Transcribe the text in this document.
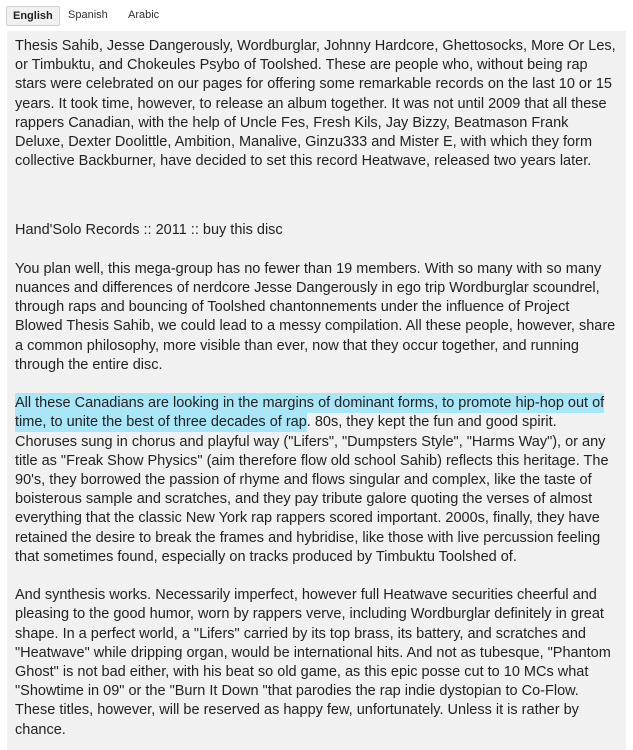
English	Spanish	Arabic

Thesis Sahib, Jesse Dangerously, Wordburglar, Johnny Hardcore, Ghettosocks, More Or Les, or Timbuktu, and Chokeules Psybo of Toolshed. These are people who, without being rap stars were celebrated on our pages for offering some remarkable records on the last 10 or 15 years. It took time, however, to release an album together. It was not until 2009 that all these rappers Canadian, with the help of Uncle Fes, Fresh Kils, Jay Bizzy, Beatmason Frank Deluxe, Dexter Doolittle, Ambition, Manalive, Ginzu333 and Mister E, with which they form collective Backburner, have decided to set this record Heatwave, released two years later.

Hand'Solo Records :: 2011 :: buy this disc

You plan well, this mega-group has no fewer than 19 members. With so many with so many nuances and differences of nerdcore Jesse Dangerously in ego trip Wordburglar scoundrel, through raps and bouncing of Toolshed chantonnements under the influence of Project Blowed Thesis Sahib, we could lead to a messy compilation. All these people, however, share a common philosophy, more visible than ever, now that they occur together, and running through the entire disc.

All these Canadians are looking in the margins of dominant forms, to promote hip-hop out of time, to unite the best of three decades of rap. 80s, they kept the fun and good spirit. Choruses sung in chorus and playful way ("Lifers", "Dumpsters Style", "Harms Way"), or any title as "Freak Show Physics" (aim therefore flow old school Sahib) reflects this heritage. The 90's, they borrowed the passion of rhyme and flows singular and complex, like the taste of boisterous sample and scratches, and they pay tribute galore quoting the verses of almost everything that the classic New York rap rappers scored important. 2000s, finally, they have retained the desire to break the frames and hybridise, like those with live percussion feeling that sometimes found, especially on tracks produced by Timbuktu Toolshed of.

And synthesis works. Necessarily imperfect, however full Heatwave securities cheerful and pleasing to the good humor, worn by rappers verve, including Wordburglar definitely in great shape. In a perfect world, a "Lifers" carried by its top brass, its battery, and scratches and "Heatwave" while dripping organ, would be international hits. And not as tubesque, "Phantom Ghost" is not bad either, with his beat so old game, as this epic posse cut to 10 MCs what "Showtime in 09" or the "Burn It Down "that parodies the rap indie dystopian to Co-Flow. These titles, however, will be reserved as happy few, unfortunately. Unless it is rather by chance.
